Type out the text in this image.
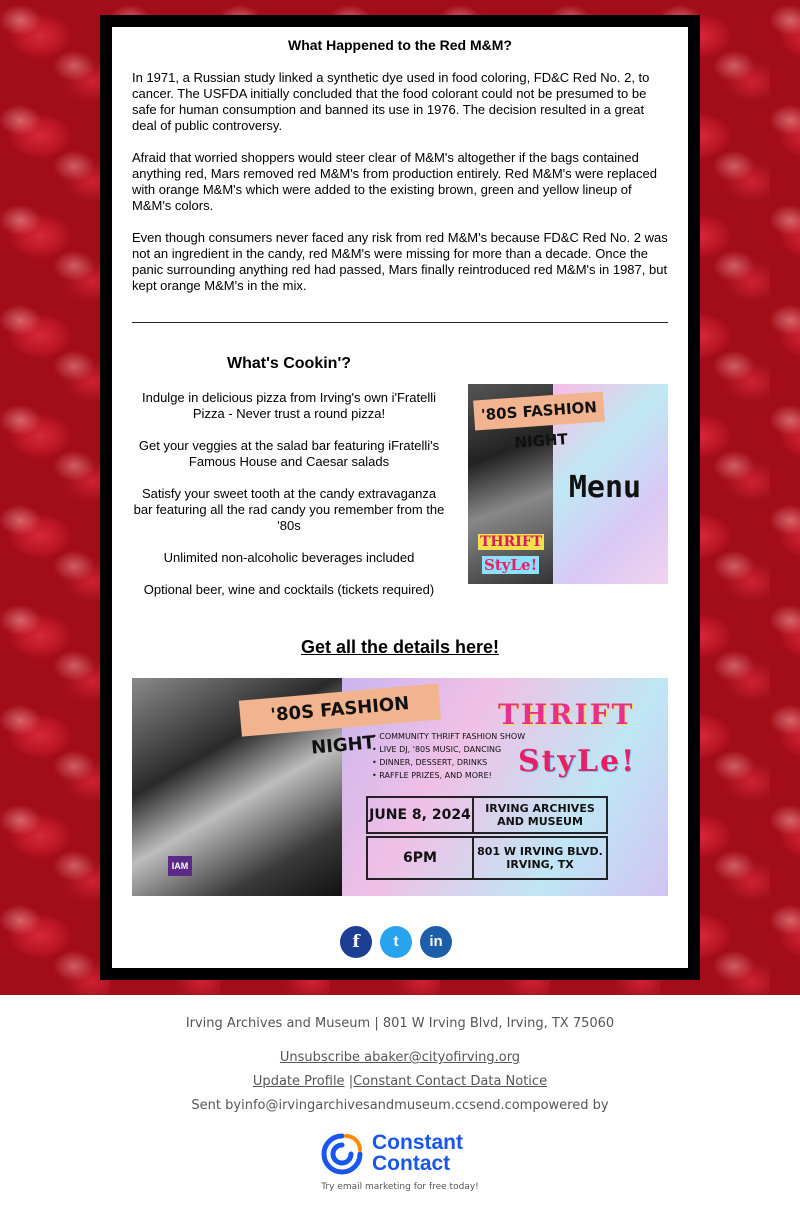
What Happened to the Red M&M?
In 1971, a Russian study linked a synthetic dye used in food coloring, FD&C Red No. 2, to cancer. The USFDA initially concluded that the food colorant could not be presumed to be safe for human consumption and banned its use in 1976. The decision resulted in a great deal of public controversy.
Afraid that worried shoppers would steer clear of M&M's altogether if the bags contained anything red, Mars removed red M&M's from production entirely. Red M&M's were replaced with orange M&M's which were added to the existing brown, green and yellow lineup of M&M's colors.
Even though consumers never faced any risk from red M&M's because FD&C Red No. 2 was not an ingredient in the candy, red M&M's were missing for more than a decade. Once the panic surrounding anything red had passed, Mars finally reintroduced red M&M's in 1987, but kept orange M&M's in the mix.
What's Cookin'?
Indulge in delicious pizza from Irving's own i'Fratelli Pizza - Never trust a round pizza!
Get your veggies at the salad bar featuring iFratelli's Famous House and Caesar salads
Satisfy your sweet tooth at the candy extravaganza bar featuring all the rad candy you remember from the '80s
Unlimited non-alcoholic beverages included
Optional beer, wine and cocktails (tickets required)
'80S FASHION NIGHT
Menu
THRIFT
StyLe!
Get all the details here!
'80S FASHION NIGHT
• COMMUNITY THRIFT FASHION SHOW
• LIVE DJ, '80S MUSIC, DANCING
• DINNER, DESSERT, DRINKS
• RAFFLE PRIZES, AND MORE!
THRIFT
StyLe!
JUNE 8, 2024	IRVING ARCHIVES AND MUSEUM
6PM	801 W IRVING BLVD. IRVING, TX
IAM
f	t	in
Irving Archives and Museum | 801 W Irving Blvd, Irving, TX 75060
Unsubscribe abaker@cityofirving.org
Update Profile |Constant Contact Data Notice
Sent byinfo@irvingarchivesandmuseum.ccsend.compowered by
Constant
Contact
Try email marketing for free today!
